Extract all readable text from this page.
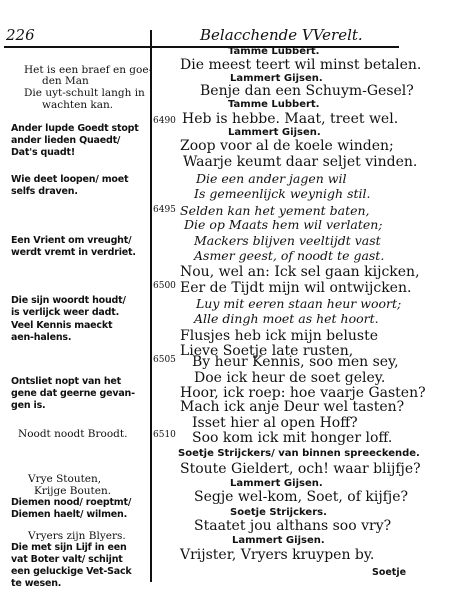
226	Belacchende VVerelt.
Het is een braef en goe-
den Man
Die uyt-schult langh in
wachten kan.
Ander lupde Goedt stopt
ander lieden Quaedt/
Dat's quadt!
Wie deet loopen/ moet
selfs draven.
Een Vrient om vreught/
werdt vremt in verdriet.
Die sijn woordt houdt/
is verlijck weer dadt.
Veel Kennis maeckt
aen-halens.
Ontsliet nopt van het
gene dat geerne gevan-
gen is.
Noodt noodt Broodt.
Vrye Stouten,
Krijge Bouten.
Diemen nood/ roeptmt/
Diemen haelt/ wilmen.
Vryers zijn Blyers.
Die met sijn Lijf in een
vat Boter valt/ schijnt
een geluckige Vet-Sack
te wesen.
6490
6495
6500
6505
6510
Tamme Lubbert.
Die meest teert wil minst betalen.
Lammert Gijsen.
Benje dan een Schuym-Gesel?
Tamme Lubbert.
Heb is hebbe. Maat, treet wel.
Lammert Gijsen.
Zoop voor al de koele winden;
Waarje keumt daar seljet vinden.
Die een ander jagen wil
Is gemeenlijck weynigh stil.
Selden kan het yement baten,
Die op Maats hem wil verlaten;
Mackers blijven veeltijdt vast
Asmer geest, of noodt te gast.
Nou, wel an: Ick sel gaan kijcken,
Eer de Tijdt mijn wil ontwijcken.
Luy mit eeren staan heur woort;
Alle dingh moet as het hoort.
Flusjes heb ick mijn beluste
Lieve Soetje late rusten,
By heur Kennis, soo men sey,
Doe ick heur de soet geley.
Hoor, ick roep: hoe vaarje Gasten?
Mach ick anje Deur wel tasten?
Isset hier al open Hoff?
Soo kom ick mit honger loff.
Soetje Strijckers/ van binnen spreeckende.
Stoute Gieldert, och! waar blijfje?
Lammert Gijsen.
Segje wel-kom, Soet, of kijfje?
Soetje Strijckers.
Staatet jou althans soo vry?
Lammert Gijsen.
Vrijster, Vryers kruypen by.
Soetje
